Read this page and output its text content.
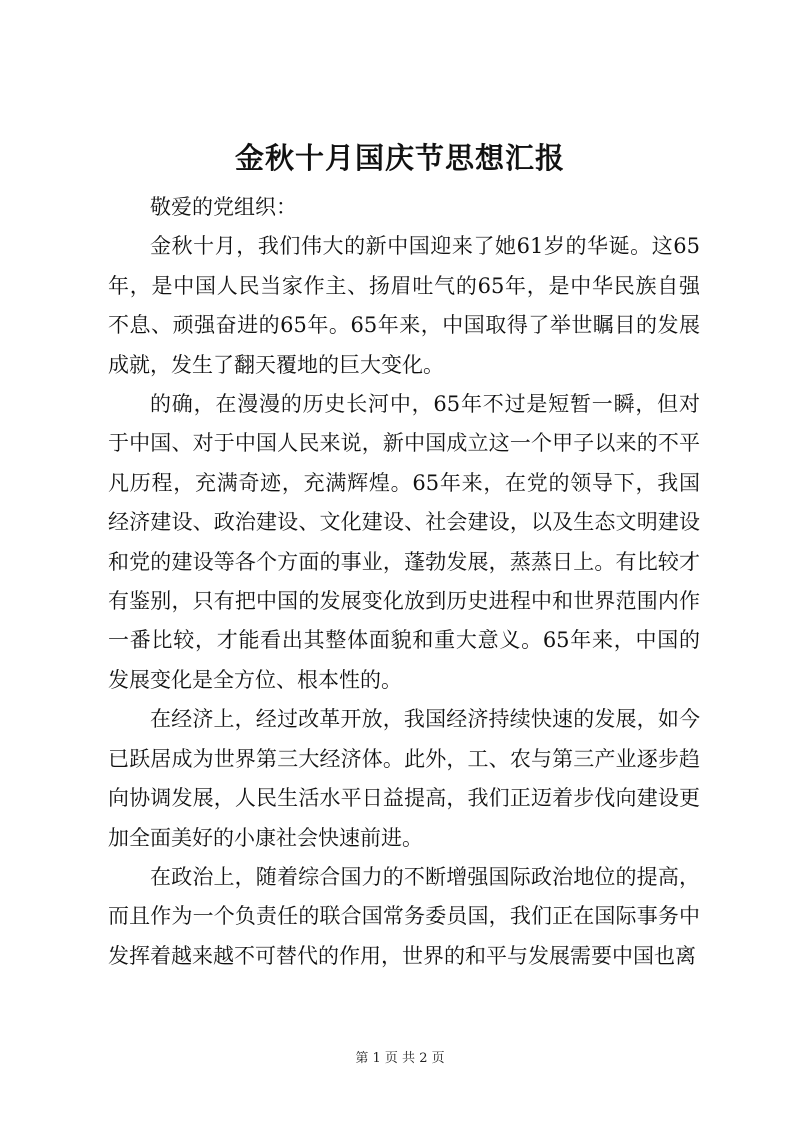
金秋十月国庆节思想汇报

敬爱的党组织：

金秋十月，我们伟大的新中国迎来了她61岁的华诞。这65年，是中国人民当家作主、扬眉吐气的65年，是中华民族自强不息、顽强奋进的65年。65年来，中国取得了举世瞩目的发展成就，发生了翻天覆地的巨大变化。

的确，在漫漫的历史长河中，65年不过是短暂一瞬，但对于中国、对于中国人民来说，新中国成立这一个甲子以来的不平凡历程，充满奇迹，充满辉煌。65年来，在党的领导下，我国经济建设、政治建设、文化建设、社会建设，以及生态文明建设和党的建设等各个方面的事业，蓬勃发展，蒸蒸日上。有比较才有鉴别，只有把中国的发展变化放到历史进程中和世界范围内作一番比较，才能看出其整体面貌和重大意义。65年来，中国的发展变化是全方位、根本性的。

在经济上，经过改革开放，我国经济持续快速的发展，如今已跃居成为世界第三大经济体。此外，工、农与第三产业逐步趋向协调发展，人民生活水平日益提高，我们正迈着步伐向建设更加全面美好的小康社会快速前进。

在政治上，随着综合国力的不断增强国际政治地位的提高，而且作为一个负责任的联合国常务委员国，我们正在国际事务中发挥着越来越不可替代的作用，世界的和平与发展需要中国也离

第 1 页 共 2 页
